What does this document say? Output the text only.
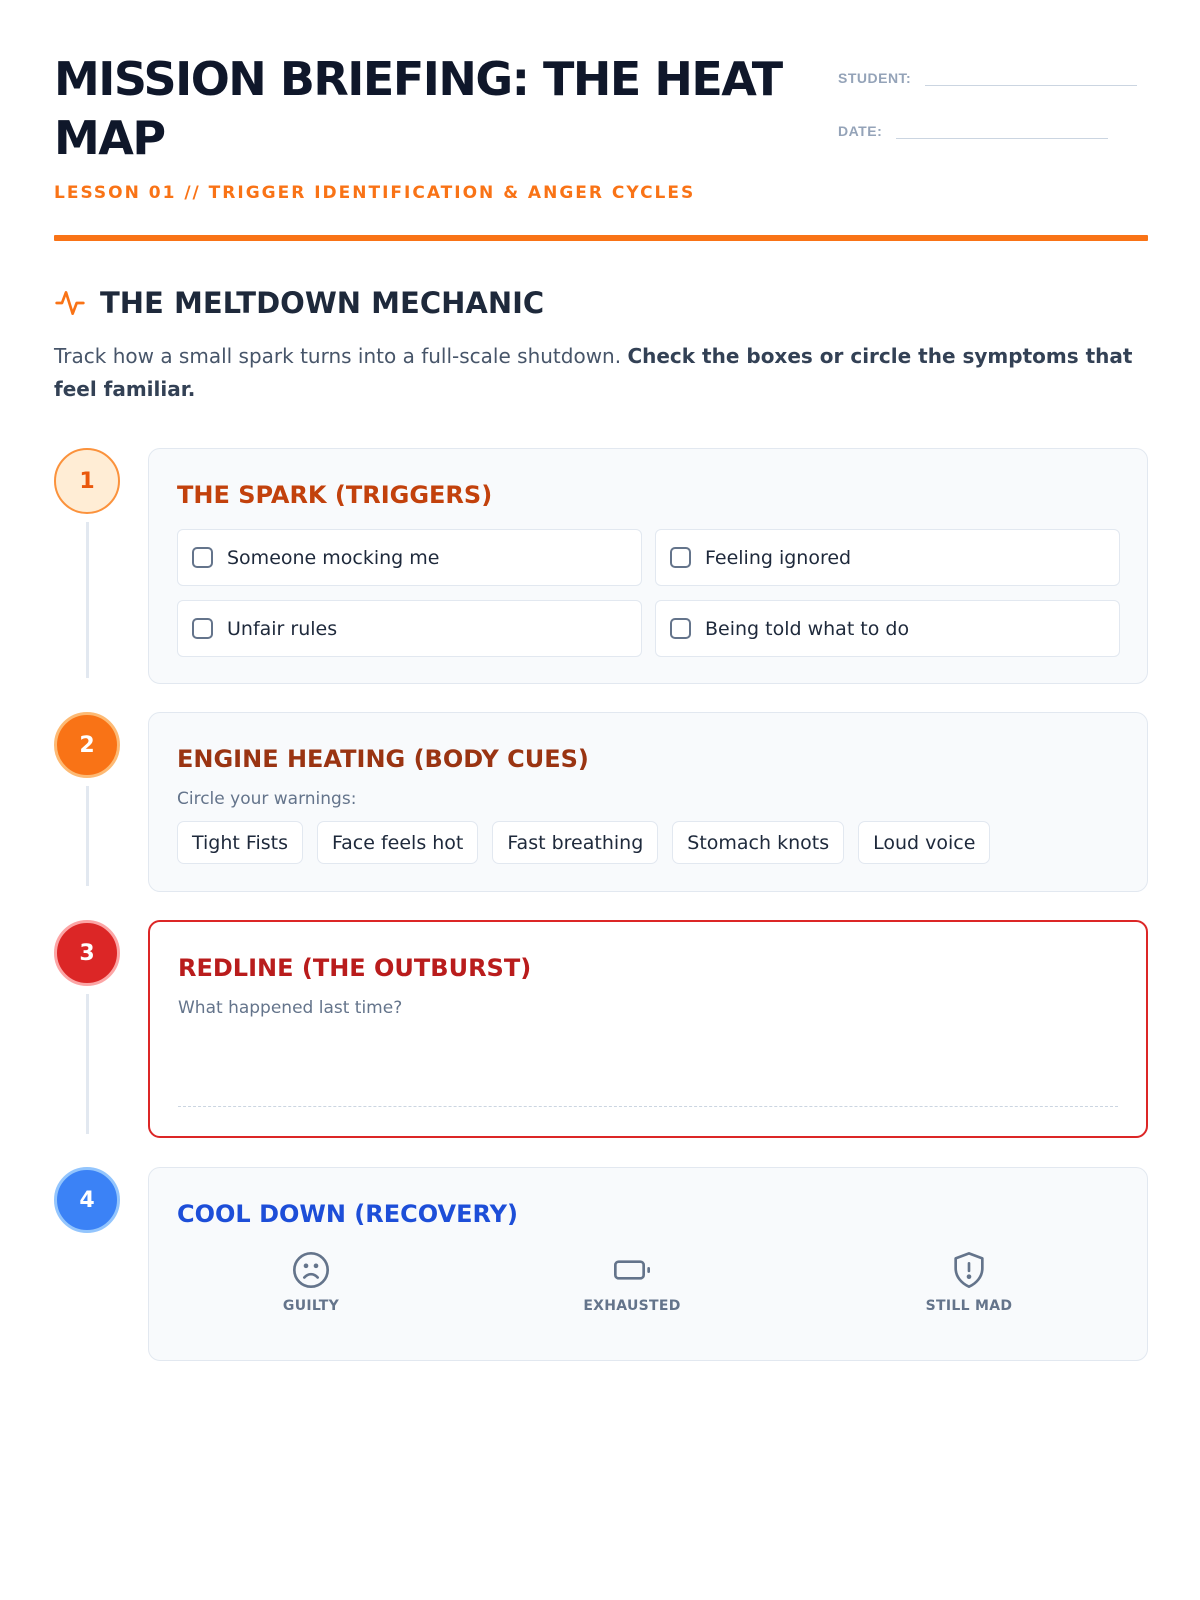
MISSION BRIEFING: THE HEAT MAP
LESSON 01 // TRIGGER IDENTIFICATION & ANGER CYCLES
STUDENT:
DATE:
THE MELTDOWN MECHANIC

Track how a small spark turns into a full-scale shutdown. Check the boxes or circle the symptoms that feel familiar.

1
2
3
4
THE SPARK (TRIGGERS)
Someone mocking me	Feeling ignored
Unfair rules	Being told what to do
ENGINE HEATING (BODY CUES)
Circle your warnings:
Tight Fists	Face feels hot	Fast breathing	Stomach knots	Loud voice
REDLINE (THE OUTBURST)
What happened last time?
COOL DOWN (RECOVERY)
GUILTY	EXHAUSTED	STILL MAD
